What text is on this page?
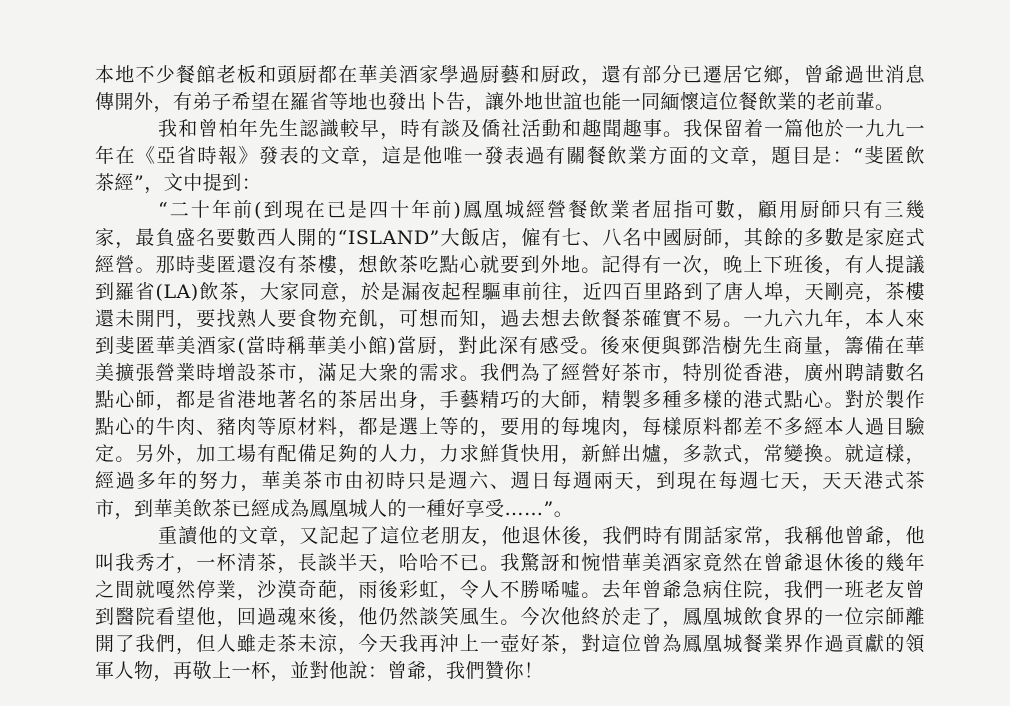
本地不少餐館老板和頭厨都在華美酒家學過厨藝和厨政，還有部分已遷居它鄉，曾爺過世消息
傳開外，有弟子希望在羅省等地也發出卜告，讓外地世誼也能一同緬懷這位餐飲業的老前輩。
我和曾柏年先生認識較早，時有談及僑社活動和趣聞趣事。我保留着一篇他於一九九一
年在《亞省時報》發表的文章，這是他唯一發表過有關餐飲業方面的文章，題目是：“斐匿飲
茶經”，文中提到：
“二十年前(到現在已是四十年前)鳳凰城經營餐飲業者屈指可數，顧用厨師只有三幾
家，最負盛名要數西人開的“ISLAND”大飯店，僱有七、八名中國厨師，其餘的多數是家庭式
經營。那時斐匿還沒有茶樓，想飲茶吃點心就要到外地。記得有一次，晚上下班後，有人提議
到羅省(LA)飲茶，大家同意，於是漏夜起程驅車前往，近四百里路到了唐人埠，天剛亮，茶樓
還未開門，要找熟人要食物充飢，可想而知，過去想去飲餐茶確實不易。一九六九年，本人來
到斐匿華美酒家(當時稱華美小館)當厨，對此深有感受。後來便與鄧浩樹先生商量，籌備在華
美擴張營業時增設茶市，滿足大衆的需求。我們為了經營好茶市，特別從香港，廣州聘請數名
點心師，都是省港地著名的茶居出身，手藝精巧的大師，精製多種多樣的港式點心。對於製作
點心的牛肉、豬肉等原材料，都是選上等的，要用的每塊肉，每樣原料都差不多經本人過目驗
定。另外，加工場有配備足夠的人力，力求鮮貨快用，新鮮出爐，多款式，常變換。就這樣，
經過多年的努力，華美茶市由初時只是週六、週日每週兩天，到現在每週七天，天天港式茶
市，到華美飲茶已經成為鳳凰城人的一種好享受……”。
重讀他的文章，又記起了這位老朋友，他退休後，我們時有閒話家常，我稱他曾爺，他
叫我秀才，一杯清茶，長談半天，哈哈不已。我驚訝和惋惜華美酒家竟然在曾爺退休後的幾年
之間就嘎然停業，沙漠奇葩，雨後彩虹，令人不勝唏噓。去年曾爺急病住院，我們一班老友曾
到醫院看望他，回過魂來後，他仍然談笑風生。今次他終於走了，鳳凰城飲食界的一位宗師離
開了我們，但人雖走茶未涼，今天我再沖上一壺好茶，對這位曾為鳳凰城餐業界作過貢獻的領
軍人物，再敬上一杯，並對他說：曾爺，我們贊你！
